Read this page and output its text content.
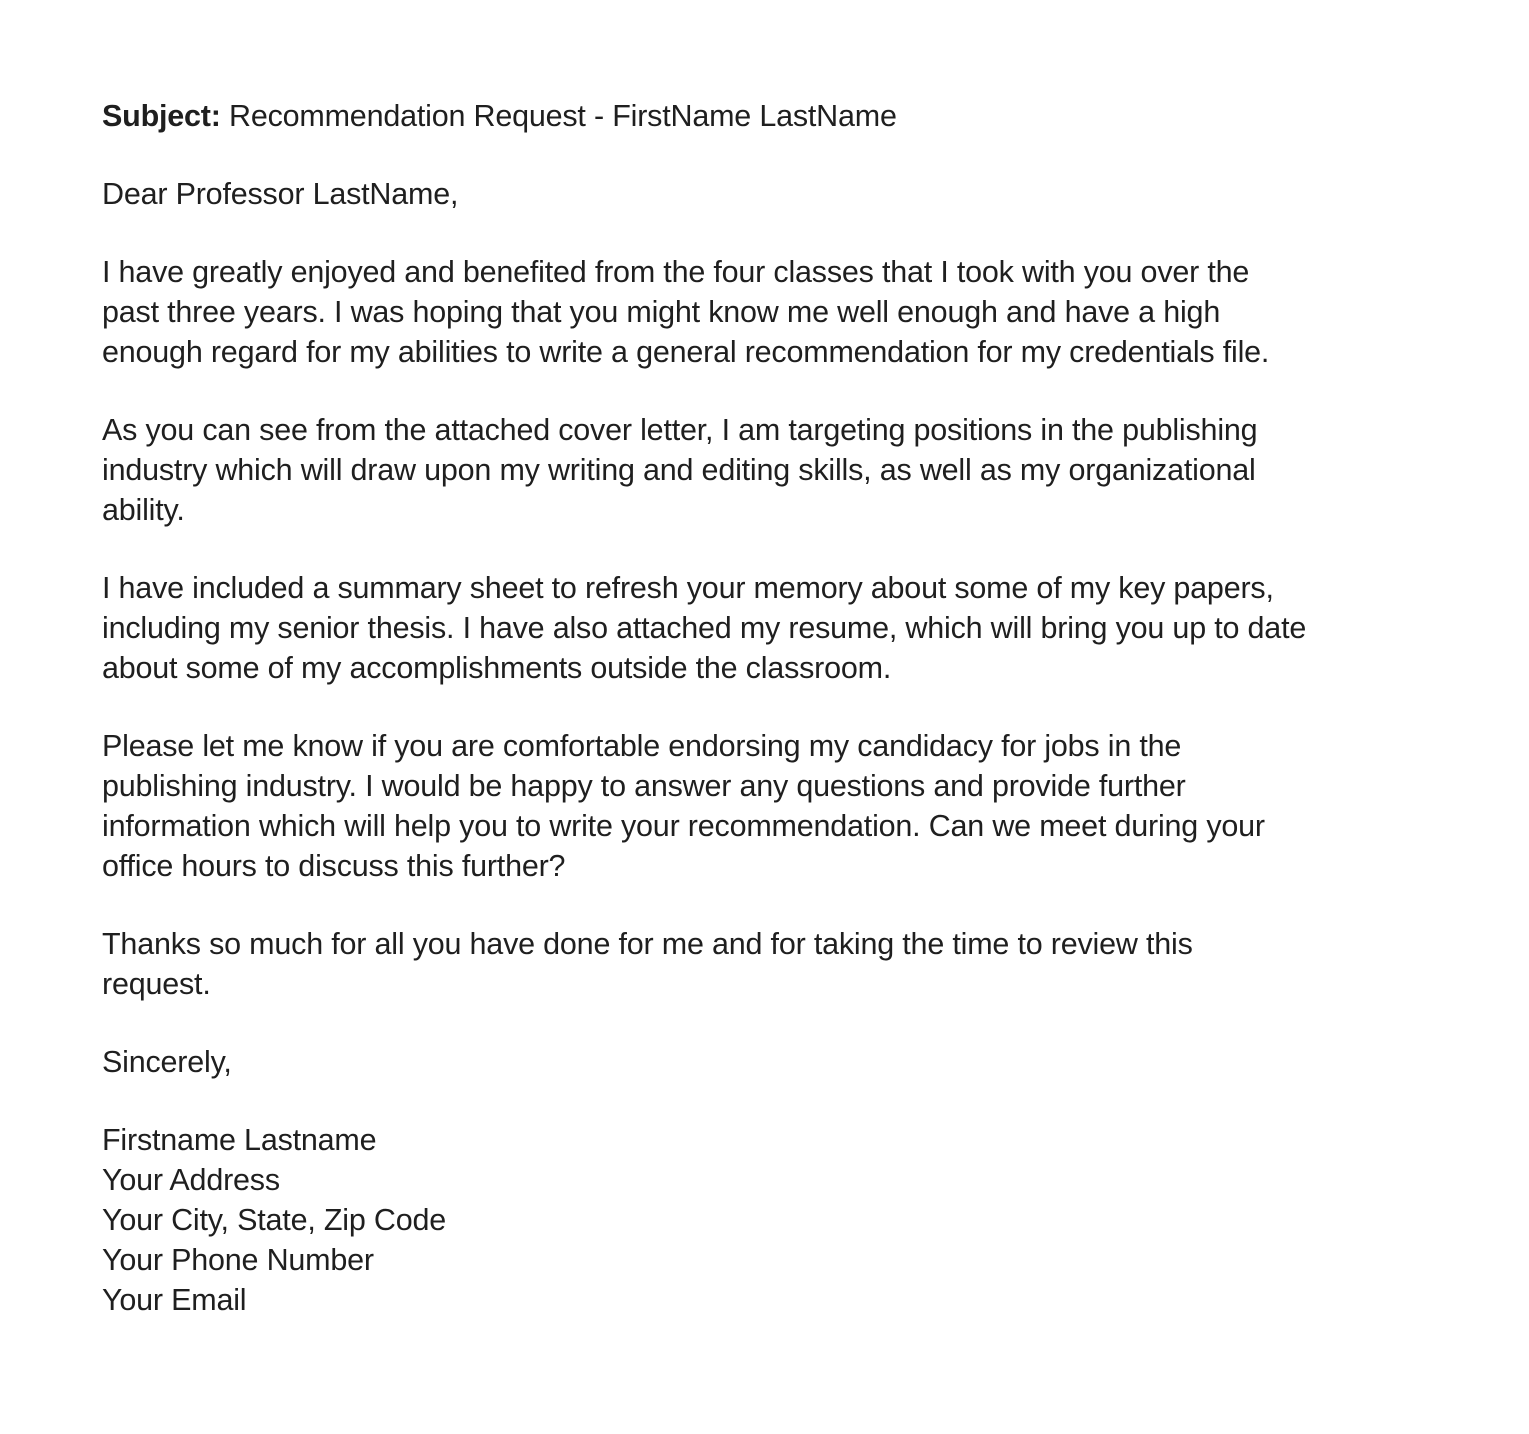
Subject: Recommendation Request - FirstName LastName
Dear Professor LastName,
I have greatly enjoyed and benefited from the four classes that I took with you over the
past three years. I was hoping that you might know me well enough and have a high
enough regard for my abilities to write a general recommendation for my credentials file.
As you can see from the attached cover letter, I am targeting positions in the publishing
industry which will draw upon my writing and editing skills, as well as my organizational
ability.
I have included a summary sheet to refresh your memory about some of my key papers,
including my senior thesis. I have also attached my resume, which will bring you up to date
about some of my accomplishments outside the classroom.
Please let me know if you are comfortable endorsing my candidacy for jobs in the
publishing industry. I would be happy to answer any questions and provide further
information which will help you to write your recommendation. Can we meet during your
office hours to discuss this further?
Thanks so much for all you have done for me and for taking the time to review this
request.
Sincerely,
Firstname Lastname
Your Address
Your City, State, Zip Code
Your Phone Number
Your Email
